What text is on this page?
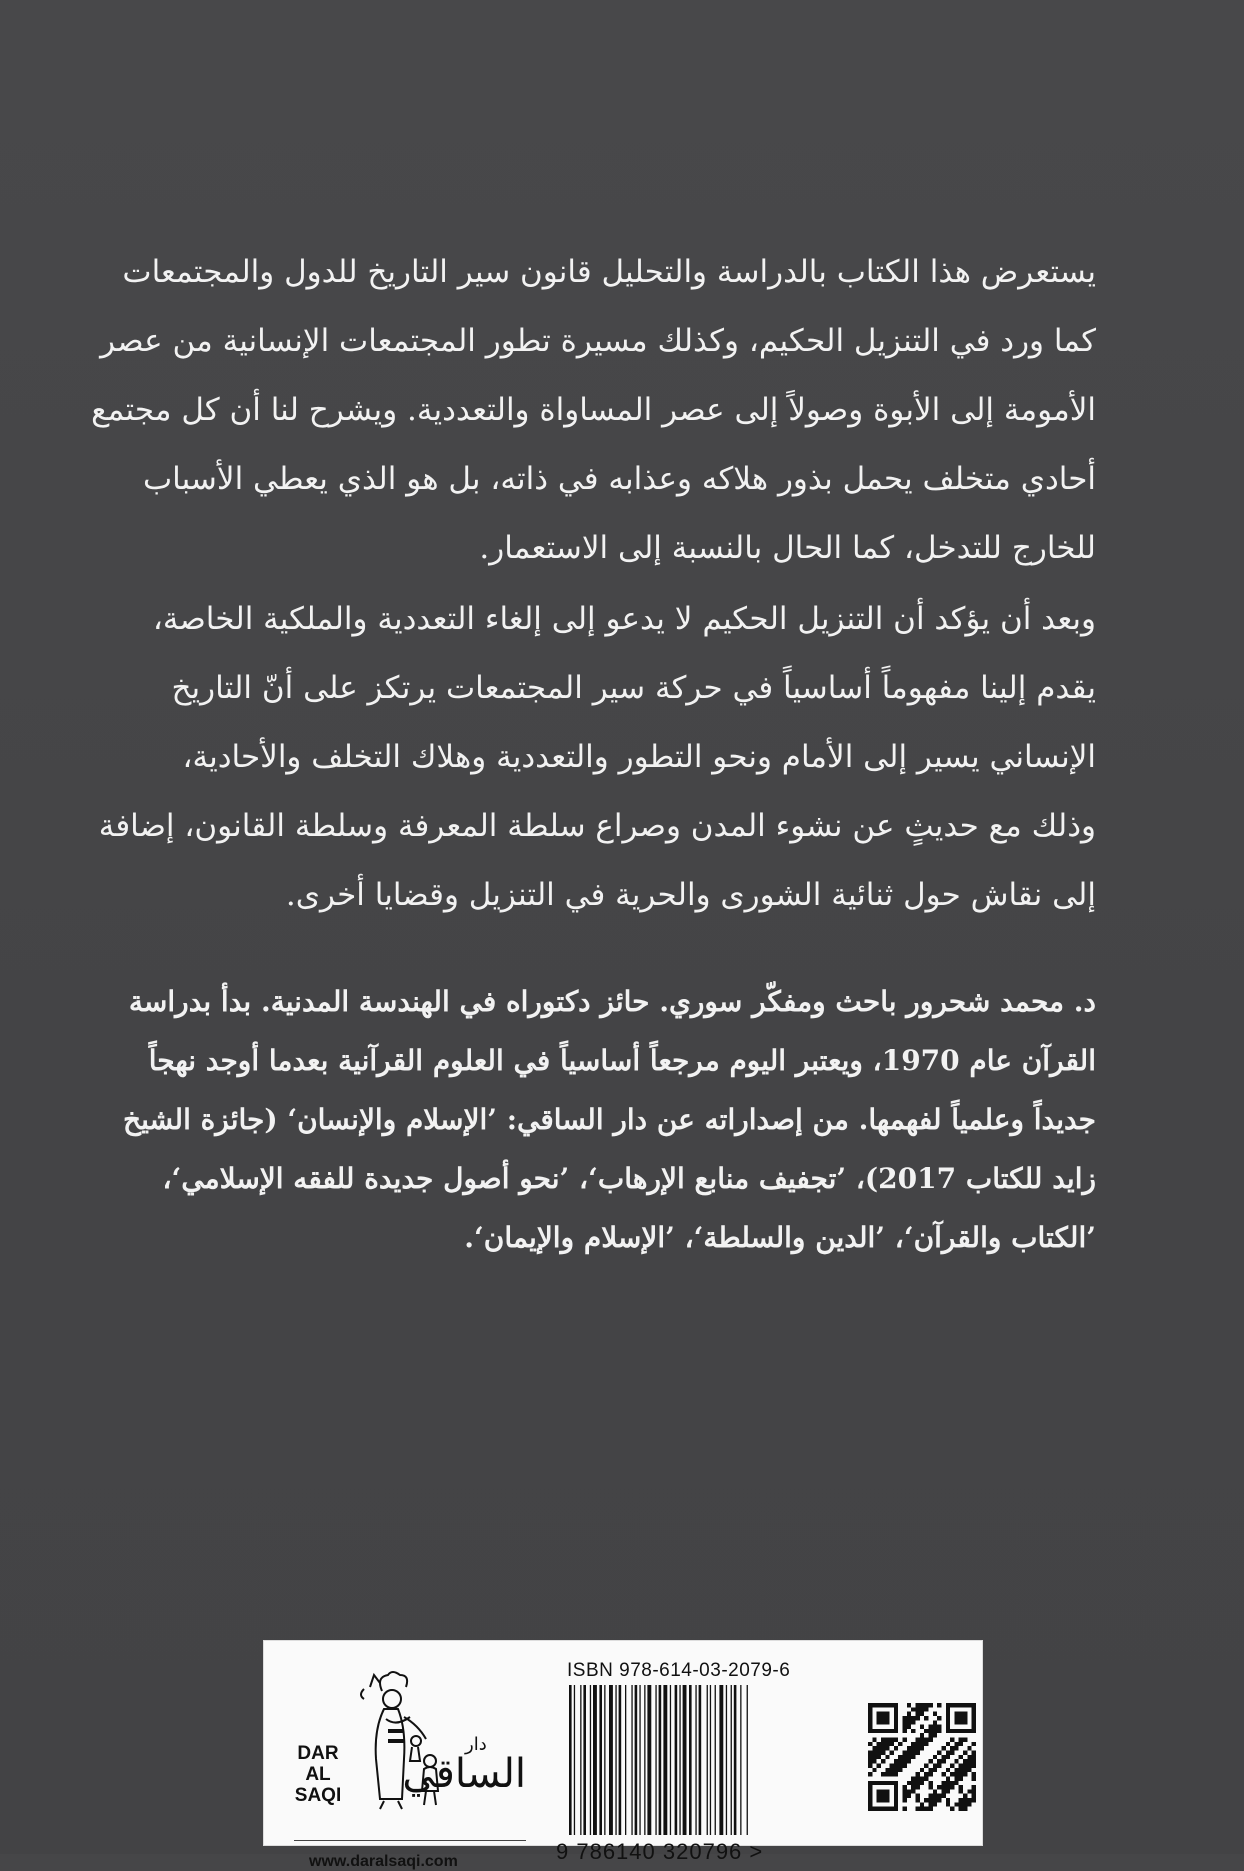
يستعرض هذا الكتاب بالدراسة والتحليل قانون سير التاريخ للدول والمجتمعات
كما ورد في التنزيل الحكيم، وكذلك مسيرة تطور المجتمعات الإنسانية من عصر
الأمومة إلى الأبوة وصولاً إلى عصر المساواة والتعددية. ويشرح لنا أن كل مجتمع
أحادي متخلف يحمل بذور هلاكه وعذابه في ذاته، بل هو الذي يعطي الأسباب
للخارج للتدخل، كما الحال بالنسبة إلى الاستعمار.
وبعد أن يؤكد أن التنزيل الحكيم لا يدعو إلى إلغاء التعددية والملكية الخاصة،
يقدم إلينا مفهوماً أساسياً في حركة سير المجتمعات يرتكز على أنّ التاريخ
الإنساني يسير إلى الأمام ونحو التطور والتعددية وهلاك التخلف والأحادية،
وذلك مع حديثٍ عن نشوء المدن وصراع سلطة المعرفة وسلطة القانون، إضافة
إلى نقاش حول ثنائية الشورى والحرية في التنزيل وقضايا أخرى.
د. محمد شحرور باحث ومفكّر سوري. حائز دكتوراه في الهندسة المدنية. بدأ بدراسة
القرآن عام 1970، ويعتبر اليوم مرجعاً أساسياً في العلوم القرآنية بعدما أوجد نهجاً
جديداً وعلمياً لفهمها. من إصداراته عن دار الساقي: ’الإسلام والإنسان‘ (جائزة الشيخ
زايد للكتاب 2017)، ’تجفيف منابع الإرهاب‘، ’نحو أصول جديدة للفقه الإسلامي‘،
’الكتاب والقرآن‘، ’الدين والسلطة‘، ’الإسلام والإيمان‘.
DAR
AL SAQI
دار
الساقي
www.daralsaqi.com
ISBN 978-614-03-2079-6
9 786140 320796 >
